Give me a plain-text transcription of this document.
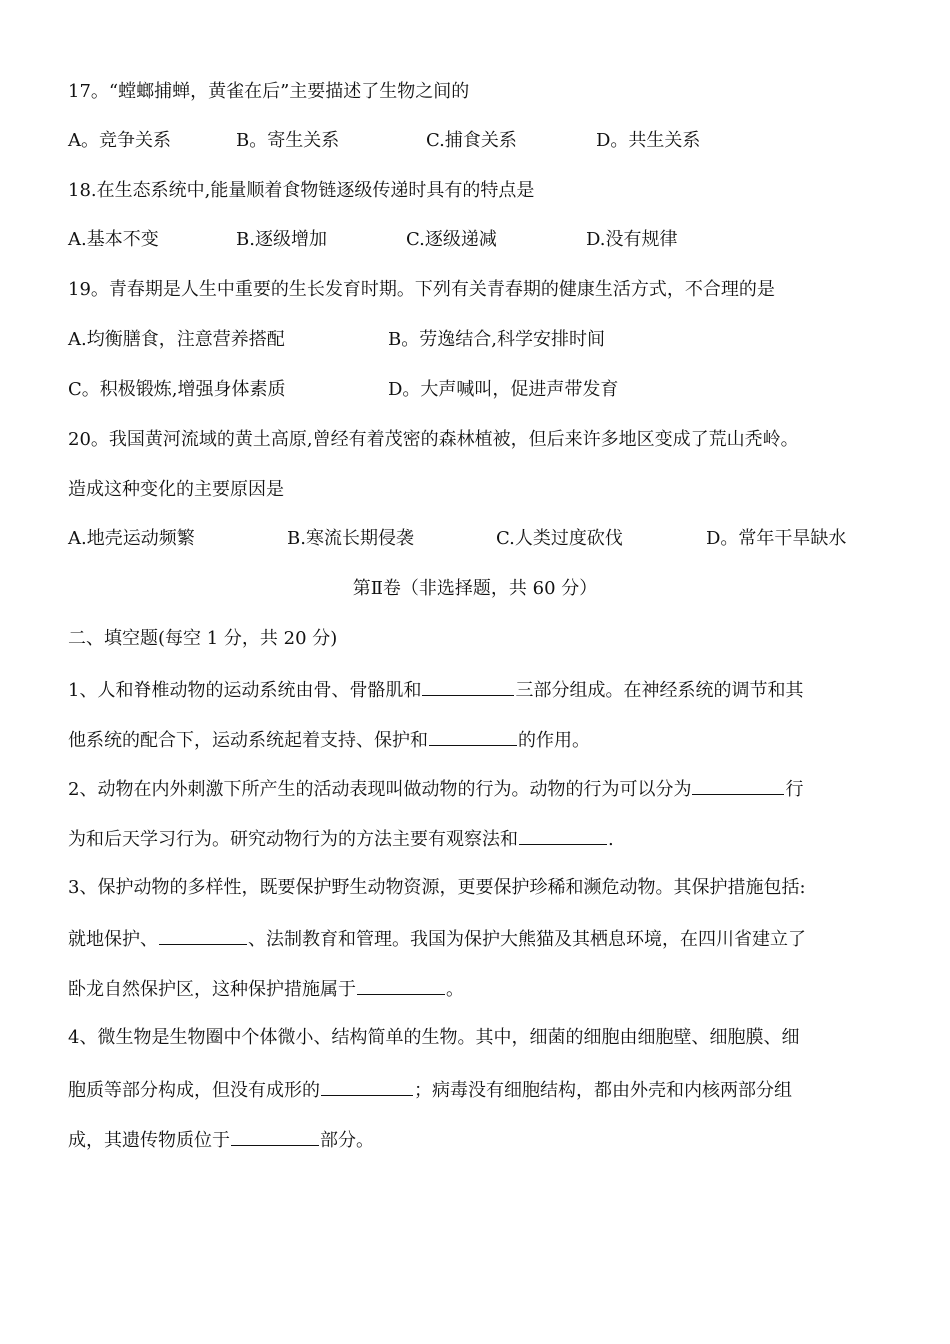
17。“螳螂捕蝉，黄雀在后”主要描述了生物之间的
A。竞争关系	B。寄生关系	C.捕食关系	D。共生关系
18.在生态系统中,能量顺着食物链逐级传递时具有的特点是
A.基本不变	B.逐级增加	C.逐级递减	D.没有规律
19。青春期是人生中重要的生长发育时期。下列有关青春期的健康生活方式，不合理的是
A.均衡膳食，注意营养搭配	B。劳逸结合,科学安排时间
C。积极锻炼,增强身体素质	D。大声喊叫，促进声带发育
20。我国黄河流域的黄土高原,曾经有着茂密的森林植被，但后来许多地区变成了荒山秃岭。
造成这种变化的主要原因是
A.地壳运动频繁	B.寒流长期侵袭	C.人类过度砍伐	D。常年干旱缺水
第Ⅱ卷（非选择题，共 60 分）
二、填空题(每空 1 分，共 20 分)
1、人和脊椎动物的运动系统由骨、骨骼肌和	三部分组成。在神经系统的调节和其
他系统的配合下，运动系统起着支持、保护和	的作用。
2、动物在内外刺激下所产生的活动表现叫做动物的行为。动物的行为可以分为	行
为和后天学习行为。研究动物行为的方法主要有观察法和	.
3、保护动物的多样性，既要保护野生动物资源，更要保护珍稀和濒危动物。其保护措施包括:
就地保护、	、法制教育和管理。我国为保护大熊猫及其栖息环境，在四川省建立了
卧龙自然保护区，这种保护措施属于	。
4、微生物是生物圈中个体微小、结构简单的生物。其中，细菌的细胞由细胞壁、细胞膜、细
胞质等部分构成，但没有成形的	；病毒没有细胞结构，都由外壳和内核两部分组
成，其遗传物质位于	部分。
